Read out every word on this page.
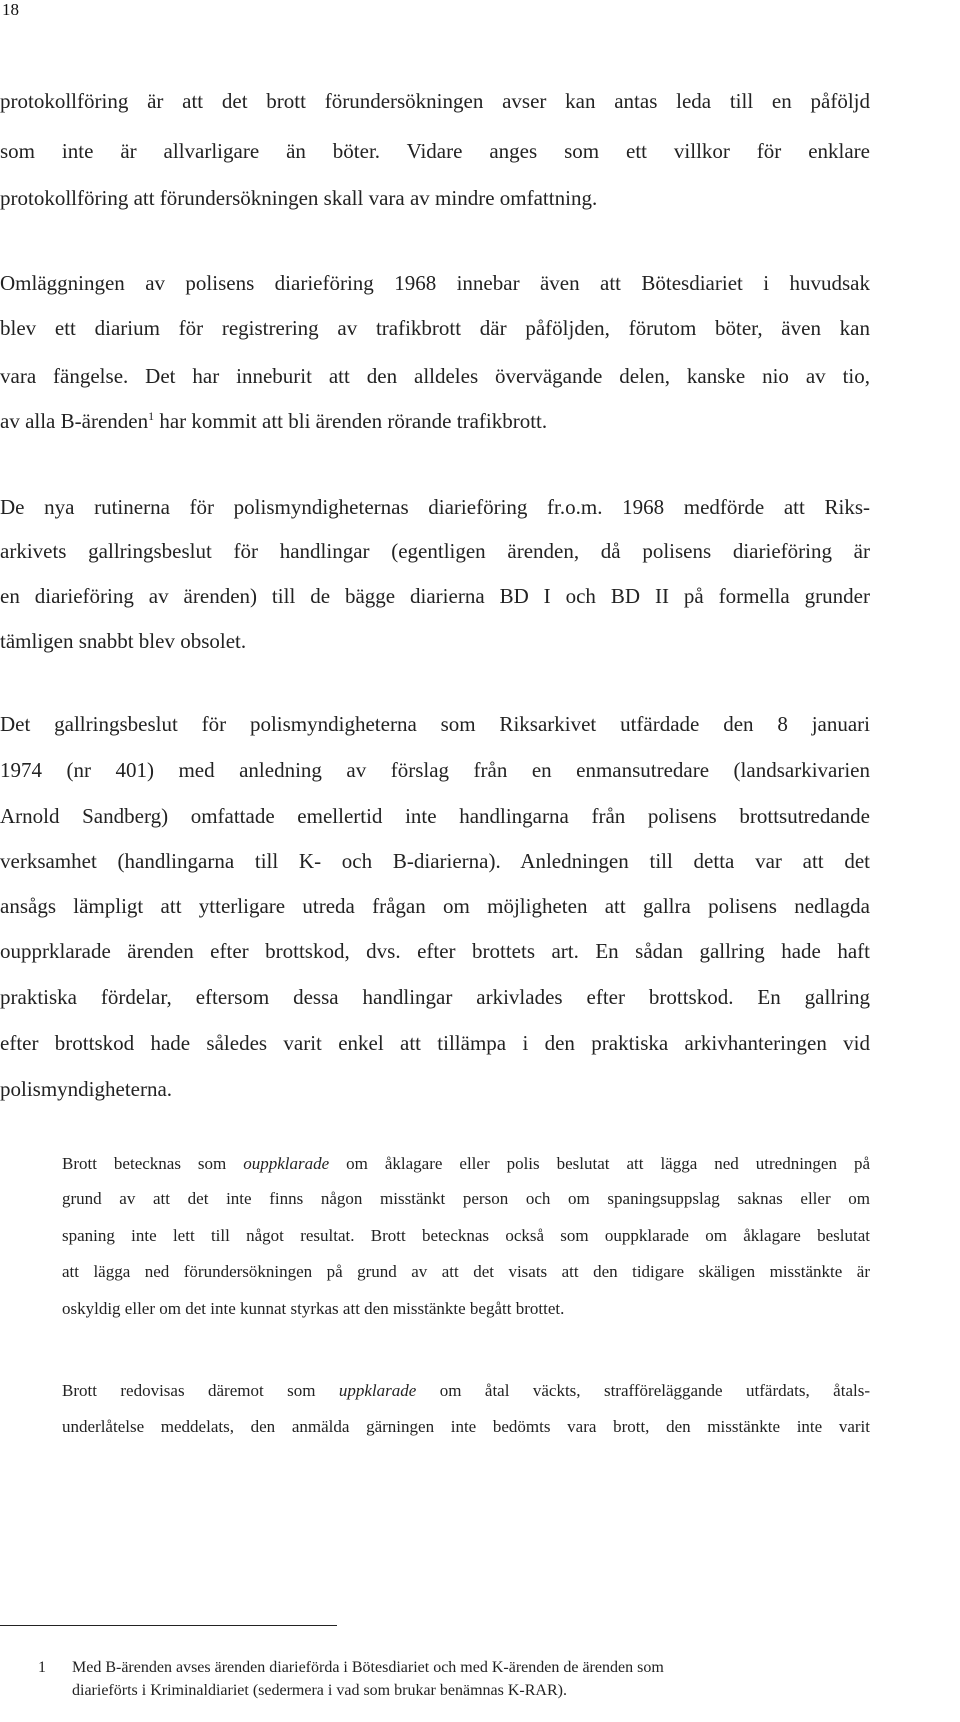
18
protokollföring är att det brott förundersökningen avser kan antas leda till en påföljd
som inte är allvarligare än böter. Vidare anges som ett villkor för enklare
protokollföring att förundersökningen skall vara av mindre omfattning.
Omläggningen av polisens diarieföring 1968 innebar även att Bötesdiariet i huvudsak
blev ett diarium för registrering av trafikbrott där påföljden, förutom böter, även kan
vara fängelse. Det har inneburit att den alldeles övervägande delen, kanske nio av tio,
av alla B-ärenden$^1$ har kommit att bli ärenden rörande trafikbrott.
De nya rutinerna för polismyndigheternas diarieföring fr.o.m. 1968 medförde att Riks-
arkivets gallringsbeslut för handlingar (egentligen ärenden, då polisens diarieföring är
en diarieföring av ärenden) till de bägge diarierna BD I och BD II på formella grunder
tämligen snabbt blev obsolet.
Det gallringsbeslut för polismyndigheterna som Riksarkivet utfärdade den 8 januari
1974 (nr 401) med anledning av förslag från en enmansutredare (landsarkivarien
Arnold Sandberg) omfattade emellertid inte handlingarna från polisens brottsutredande
verksamhet (handlingarna till K- och B-diarierna). Anledningen till detta var att det
ansågs lämpligt att ytterligare utreda frågan om möjligheten att gallra polisens nedlagda
oupprklarade ärenden efter brottskod, dvs. efter brottets art. En sådan gallring hade haft
praktiska fördelar, eftersom dessa handlingar arkivlades efter brottskod. En gallring
efter brottskod hade således varit enkel att tillämpa i den praktiska arkivhanteringen vid
polismyndigheterna.
Brott betecknas som ouppklarade om åklagare eller polis beslutat att lägga ned utredningen på
grund av att det inte finns någon misstänkt person och om spaningsuppslag saknas eller om
spaning inte lett till något resultat. Brott betecknas också som ouppklarade om åklagare beslutat
att lägga ned förundersökningen på grund av att det visats att den tidigare skäligen misstänkte är
oskyldig eller om det inte kunnat styrkas att den misstänkte begått brottet.
Brott redovisas däremot som uppklarade om åtal väckts, strafföreläggande utfärdats, åtals-
underlåtelse meddelats, den anmälda gärningen inte bedömts vara brott, den misstänkte inte varit
1 Med B-ärenden avses ärenden diarieförda i Bötesdiariet och med K-ärenden de ärenden som
diarieförts i Kriminaldiariet (sedermera i vad som brukar benämnas K-RAR).
